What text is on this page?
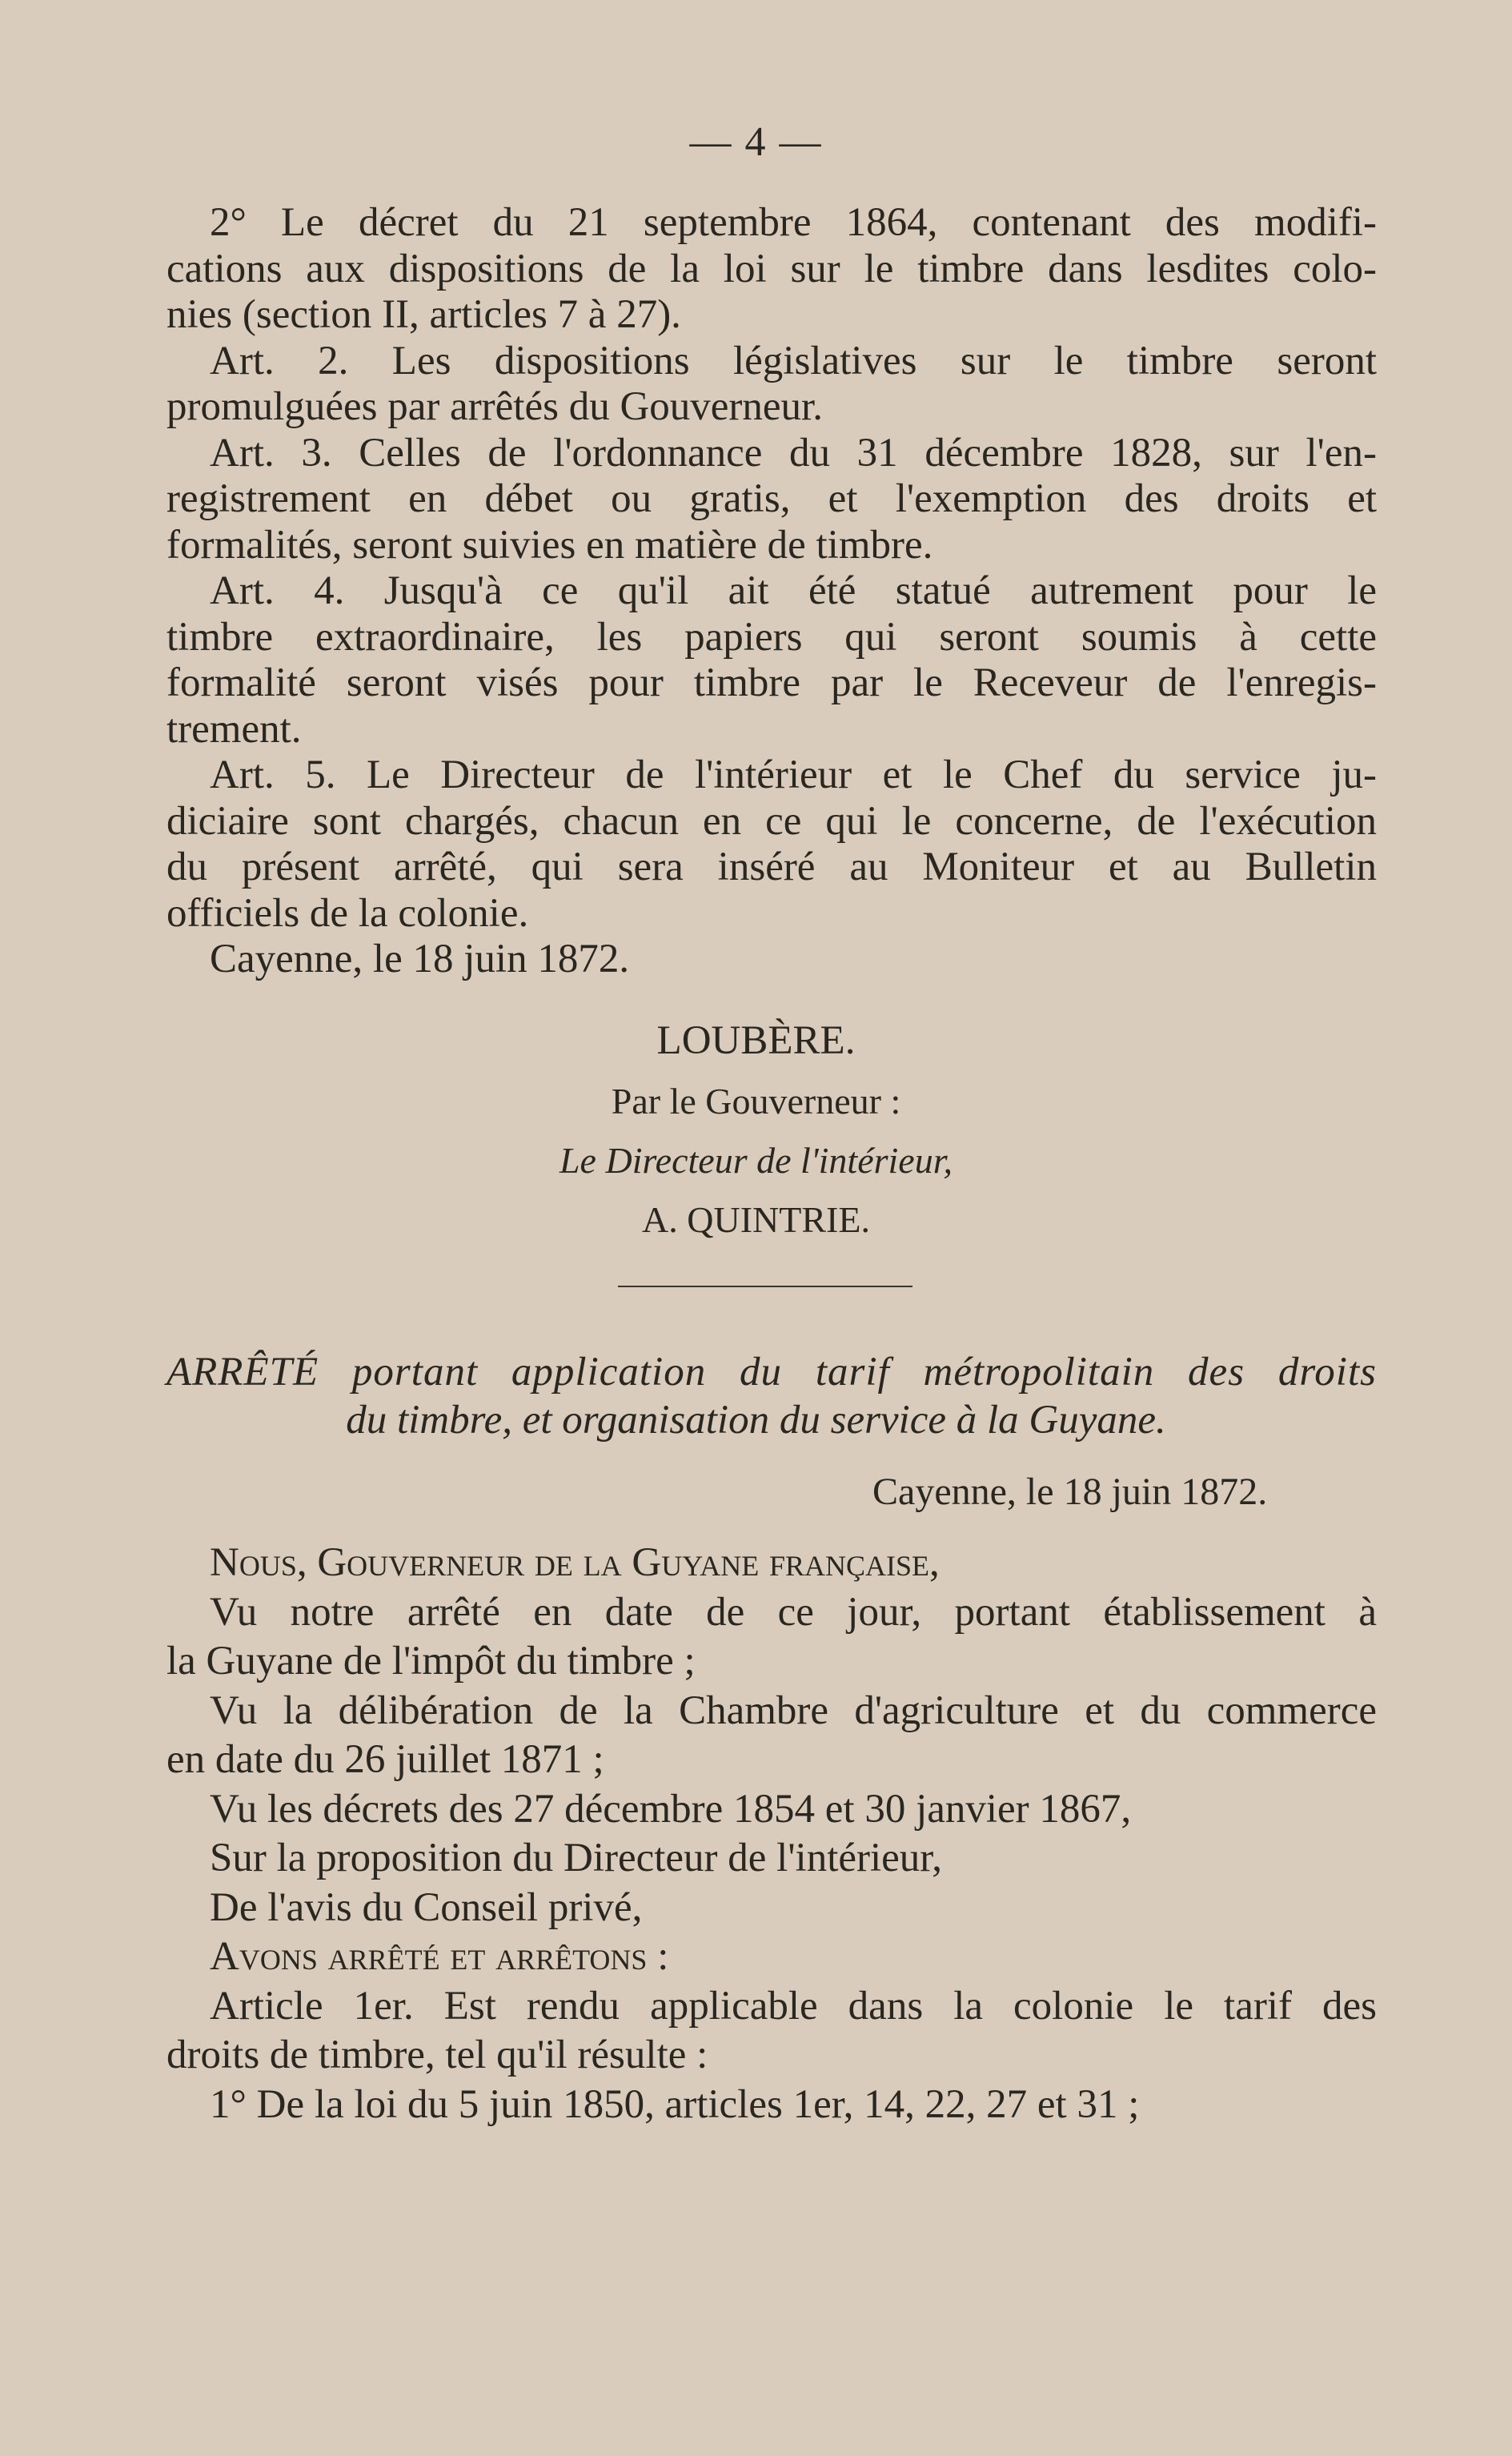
— 4 —
2° Le décret du 21 septembre 1864, contenant des modifi-
cations aux dispositions de la loi sur le timbre dans lesdites colo-
nies (section II, articles 7 à 27).
Art. 2. Les dispositions législatives sur le timbre seront
promulguées par arrêtés du Gouverneur.
Art. 3. Celles de l'ordonnance du 31 décembre 1828, sur l'en-
registrement en débet ou gratis, et l'exemption des droits et
formalités, seront suivies en matière de timbre.
Art. 4. Jusqu'à ce qu'il ait été statué autrement pour le
timbre extraordinaire, les papiers qui seront soumis à cette
formalité seront visés pour timbre par le Receveur de l'enregis-
trement.
Art. 5. Le Directeur de l'intérieur et le Chef du service ju-
diciaire sont chargés, chacun en ce qui le concerne, de l'exécution
du présent arrêté, qui sera inséré au Moniteur et au Bulletin
officiels de la colonie.
Cayenne, le 18 juin 1872.
LOUBÈRE.
Par le Gouverneur :
Le Directeur de l'intérieur,
A. QUINTRIE.
ARRÊTÉ portant application du tarif métropolitain des droits
du timbre, et organisation du service à la Guyane.
Cayenne, le 18 juin 1872.
Nous, Gouverneur de la Guyane française,
Vu notre arrêté en date de ce jour, portant établissement à
la Guyane de l'impôt du timbre ;
Vu la délibération de la Chambre d'agriculture et du commerce
en date du 26 juillet 1871 ;
Vu les décrets des 27 décembre 1854 et 30 janvier 1867,
Sur la proposition du Directeur de l'intérieur,
De l'avis du Conseil privé,
Avons arrêté et arrêtons :
Article 1er. Est rendu applicable dans la colonie le tarif des
droits de timbre, tel qu'il résulte :
1° De la loi du 5 juin 1850, articles 1er, 14, 22, 27 et 31 ;
